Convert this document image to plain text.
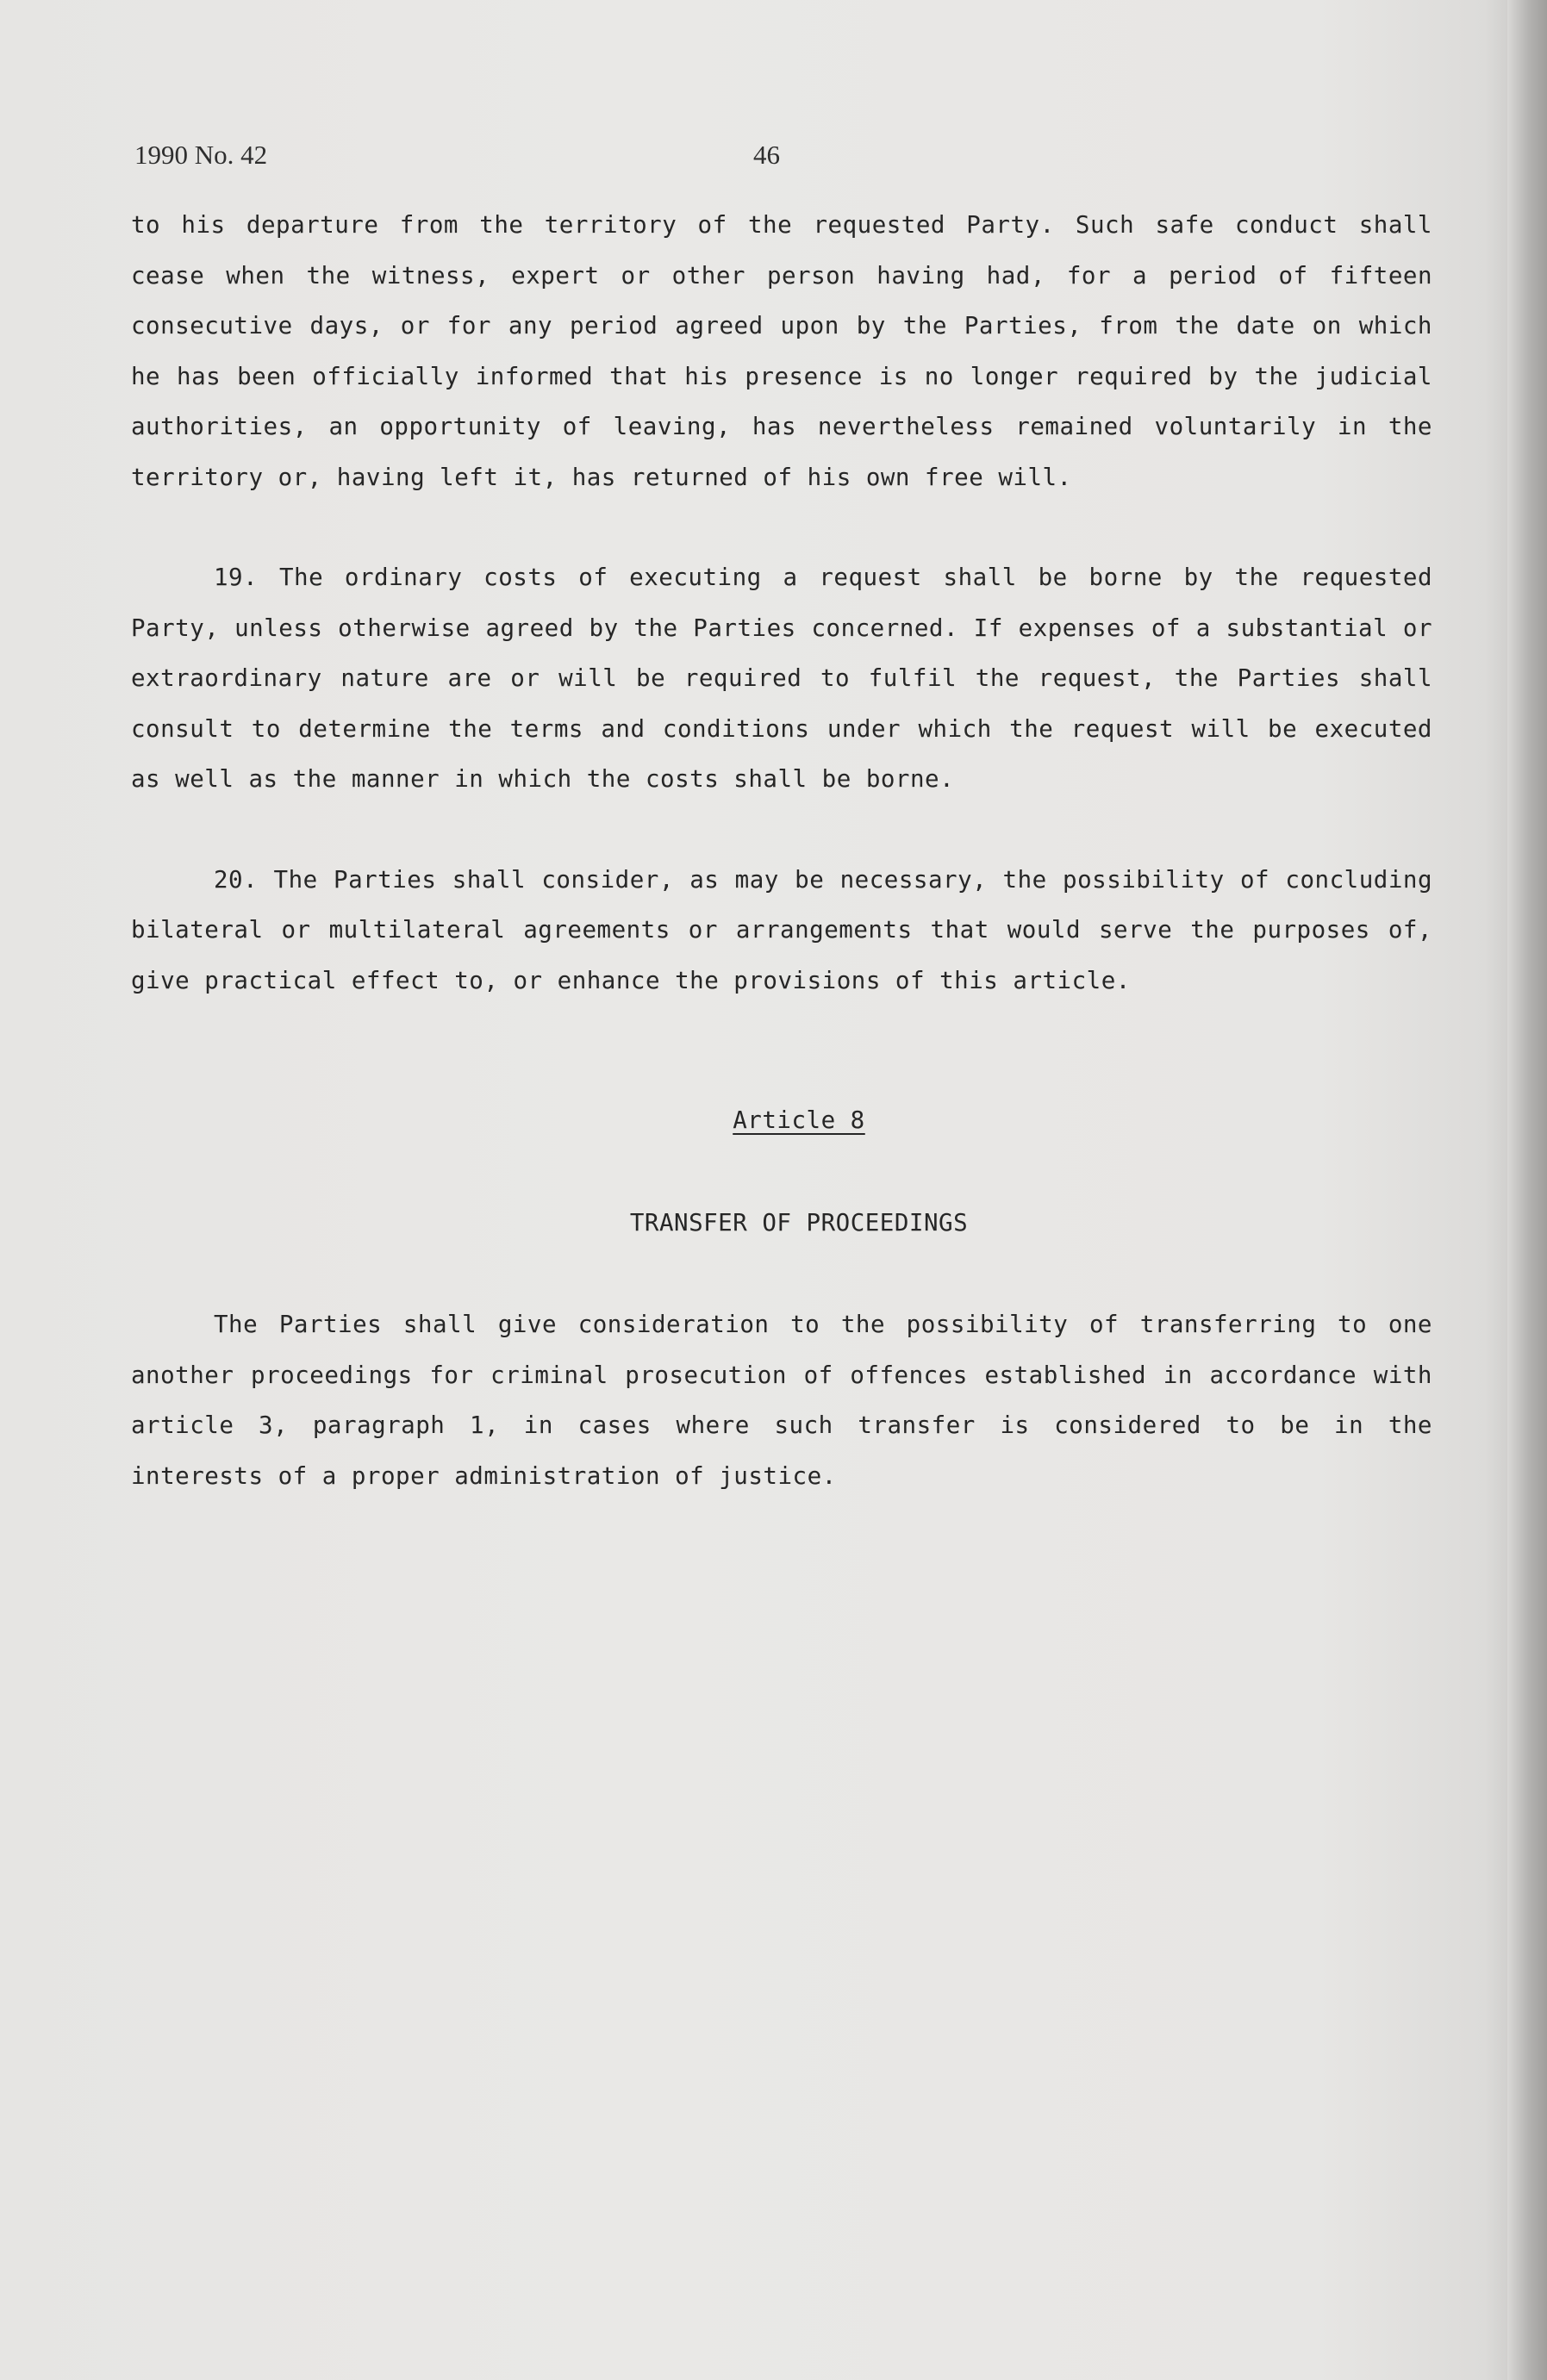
1990 No. 42	46

to his departure from the territory of the requested Party. Such safe conduct shall cease when the witness, expert or other person having had, for a period of fifteen consecutive days, or for any period agreed upon by the Parties, from the date on which he has been officially informed that his presence is no longer required by the judicial authorities, an opportunity of leaving, has nevertheless remained voluntarily in the territory or, having left it, has returned of his own free will.

19. The ordinary costs of executing a request shall be borne by the requested Party, unless otherwise agreed by the Parties concerned. If expenses of a substantial or extraordinary nature are or will be required to fulfil the request, the Parties shall consult to determine the terms and conditions under which the request will be executed as well as the manner in which the costs shall be borne.

20. The Parties shall consider, as may be necessary, the possibility of concluding bilateral or multilateral agreements or arrangements that would serve the purposes of, give practical effect to, or enhance the provisions of this article.

Article 8

TRANSFER OF PROCEEDINGS

The Parties shall give consideration to the possibility of transferring to one another proceedings for criminal prosecution of offences established in accordance with article 3, paragraph 1, in cases where such transfer is considered to be in the interests of a proper administration of justice.
